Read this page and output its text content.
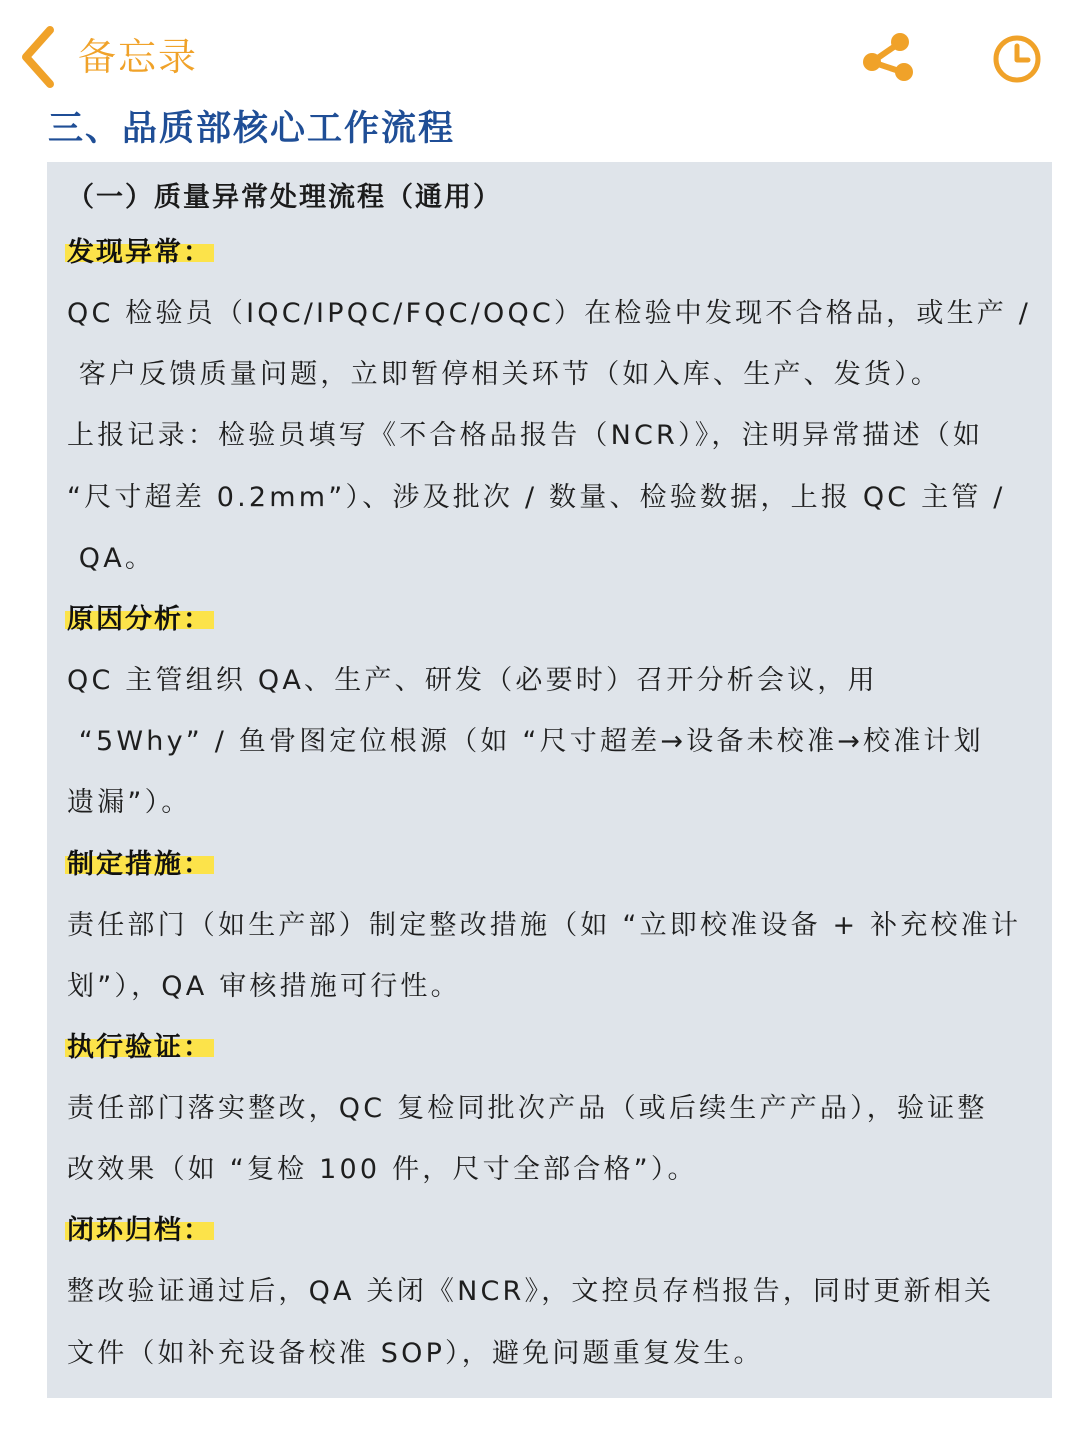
备忘录
三、品质部核心工作流程
（一）质量异常处理流程（通用）
发现异常：
QC 检验员（IQC/IPQC/FQC/OQC）在检验中发现不合格品，或生产 /
客户反馈质量问题，立即暂停相关环节（如入库、生产、发货）。
上报记录：检验员填写《不合格品报告（NCR）》，注明异常描述（如
“尺寸超差 0.2mm”）、涉及批次 / 数量、检验数据，上报 QC 主管 /
QA。
原因分析：
QC 主管组织 QA、生产、研发（必要时）召开分析会议，用
“5Why” / 鱼骨图定位根源（如 “尺寸超差→设备未校准→校准计划
遗漏”）。
制定措施：
责任部门（如生产部）制定整改措施（如 “立即校准设备 + 补充校准计
划”），QA 审核措施可行性。
执行验证：
责任部门落实整改，QC 复检同批次产品（或后续生产产品），验证整
改效果（如 “复检 100 件，尺寸全部合格”）。
闭环归档：
整改验证通过后，QA 关闭《NCR》，文控员存档报告，同时更新相关
文件（如补充设备校准 SOP），避免问题重复发生。
